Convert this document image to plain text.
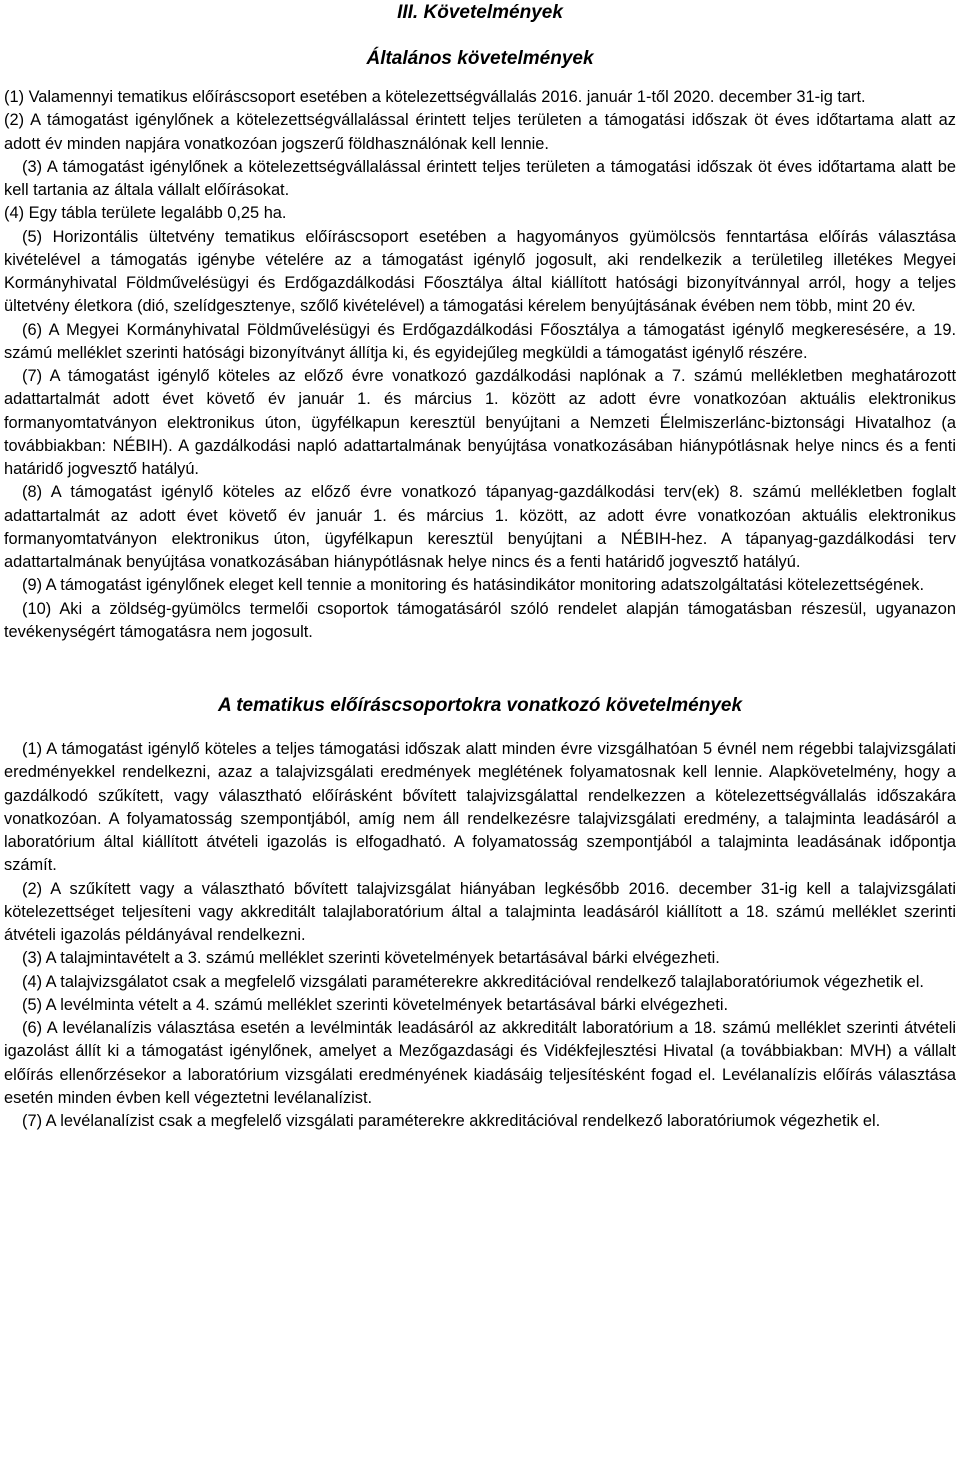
III. Követelmények
Általános követelmények

(1) Valamennyi tematikus előíráscsoport esetében a kötelezettségvállalás 2016. január 1-től 2020. december 31-ig tart.

(2) A támogatást igénylőnek a kötelezettségvállalással érintett teljes területen a támogatási időszak öt éves időtartama alatt az adott év minden napjára vonatkozóan jogszerű földhasználónak kell lennie.

(3) A támogatást igénylőnek a kötelezettségvállalással érintett teljes területen a támogatási időszak öt éves időtartama alatt be kell tartania az általa vállalt előírásokat.

(4) Egy tábla területe legalább 0,25 ha.

(5) Horizontális ültetvény tematikus előíráscsoport esetében a hagyományos gyümölcsös fenntartása előírás választása kivételével a támogatás igénybe vételére az a támogatást igénylő jogosult, aki rendelkezik a területileg illetékes Megyei Kormányhivatal Földművelésügyi és Erdőgazdálkodási Főosztálya által kiállított hatósági bizonyítvánnyal arról, hogy a teljes ültetvény életkora (dió, szelídgesztenye, szőlő kivételével) a támogatási kérelem benyújtásának évében nem több, mint 20 év.

(6) A Megyei Kormányhivatal Földművelésügyi és Erdőgazdálkodási Főosztálya a támogatást igénylő megkeresésére, a 19. számú melléklet szerinti hatósági bizonyítványt állítja ki, és egyidejűleg megküldi a támogatást igénylő részére.

(7) A támogatást igénylő köteles az előző évre vonatkozó gazdálkodási naplónak a 7. számú mellékletben meghatározott adattartalmát adott évet követő év január 1. és március 1. között az adott évre vonatkozóan aktuális elektronikus formanyomtatványon elektronikus úton, ügyfélkapun keresztül benyújtani a Nemzeti Élelmiszerlánc-biztonsági Hivatalhoz (a továbbiakban: NÉBIH). A gazdálkodási napló adattartalmának benyújtása vonatkozásában hiánypótlásnak helye nincs és a fenti határidő jogvesztő hatályú.

(8) A támogatást igénylő köteles az előző évre vonatkozó tápanyag-gazdálkodási terv(ek) 8. számú mellékletben foglalt adattartalmát az adott évet követő év január 1. és március 1. között, az adott évre vonatkozóan aktuális elektronikus formanyomtatványon elektronikus úton, ügyfélkapun keresztül benyújtani a NÉBIH-hez. A tápanyag-gazdálkodási terv adattartalmának benyújtása vonatkozásában hiánypótlásnak helye nincs és a fenti határidő jogvesztő hatályú.

(9) A támogatást igénylőnek eleget kell tennie a monitoring és hatásindikátor monitoring adatszolgáltatási kötelezettségének.

(10) Aki a zöldség-gyümölcs termelői csoportok támogatásáról szóló rendelet alapján támogatásban részesül, ugyanazon tevékenységért támogatásra nem jogosult.

A tematikus előíráscsoportokra vonatkozó követelmények

(1) A támogatást igénylő köteles a teljes támogatási időszak alatt minden évre vizsgálhatóan 5 évnél nem régebbi talajvizsgálati eredményekkel rendelkezni, azaz a talajvizsgálati eredmények meglétének folyamatosnak kell lennie. Alapkövetelmény, hogy a gazdálkodó szűkített, vagy választható előírásként bővített talajvizsgálattal rendelkezzen a kötelezettségvállalás időszakára vonatkozóan. A folyamatosság szempontjából, amíg nem áll rendelkezésre talajvizsgálati eredmény, a talajminta leadásáról a laboratórium által kiállított átvételi igazolás is elfogadható. A folyamatosság szempontjából a talajminta leadásának időpontja számít.

(2) A szűkített vagy a választható bővített talajvizsgálat hiányában legkésőbb 2016. december 31-ig kell a talajvizsgálati kötelezettséget teljesíteni vagy akkreditált talajlaboratórium által a talajminta leadásáról kiállított a 18. számú melléklet szerinti átvételi igazolás példányával rendelkezni.

(3) A talajmintavételt a 3. számú melléklet szerinti követelmények betartásával bárki elvégezheti.

(4) A talajvizsgálatot csak a megfelelő vizsgálati paraméterekre akkreditációval rendelkező talajlaboratóriumok végezhetik el.

(5) A levélminta vételt a 4. számú melléklet szerinti követelmények betartásával bárki elvégezheti.

(6) A levélanalízis választása esetén a levélminták leadásáról az akkreditált laboratórium a 18. számú melléklet szerinti átvételi igazolást állít ki a támogatást igénylőnek, amelyet a Mezőgazdasági és Vidékfejlesztési Hivatal (a továbbiakban: MVH) a vállalt előírás ellenőrzésekor a laboratórium vizsgálati eredményének kiadásáig teljesítésként fogad el. Levélanalízis előírás választása esetén minden évben kell végeztetni levélanalízist.

(7) A levélanalízist csak a megfelelő vizsgálati paraméterekre akkreditációval rendelkező laboratóriumok végezhetik el.
